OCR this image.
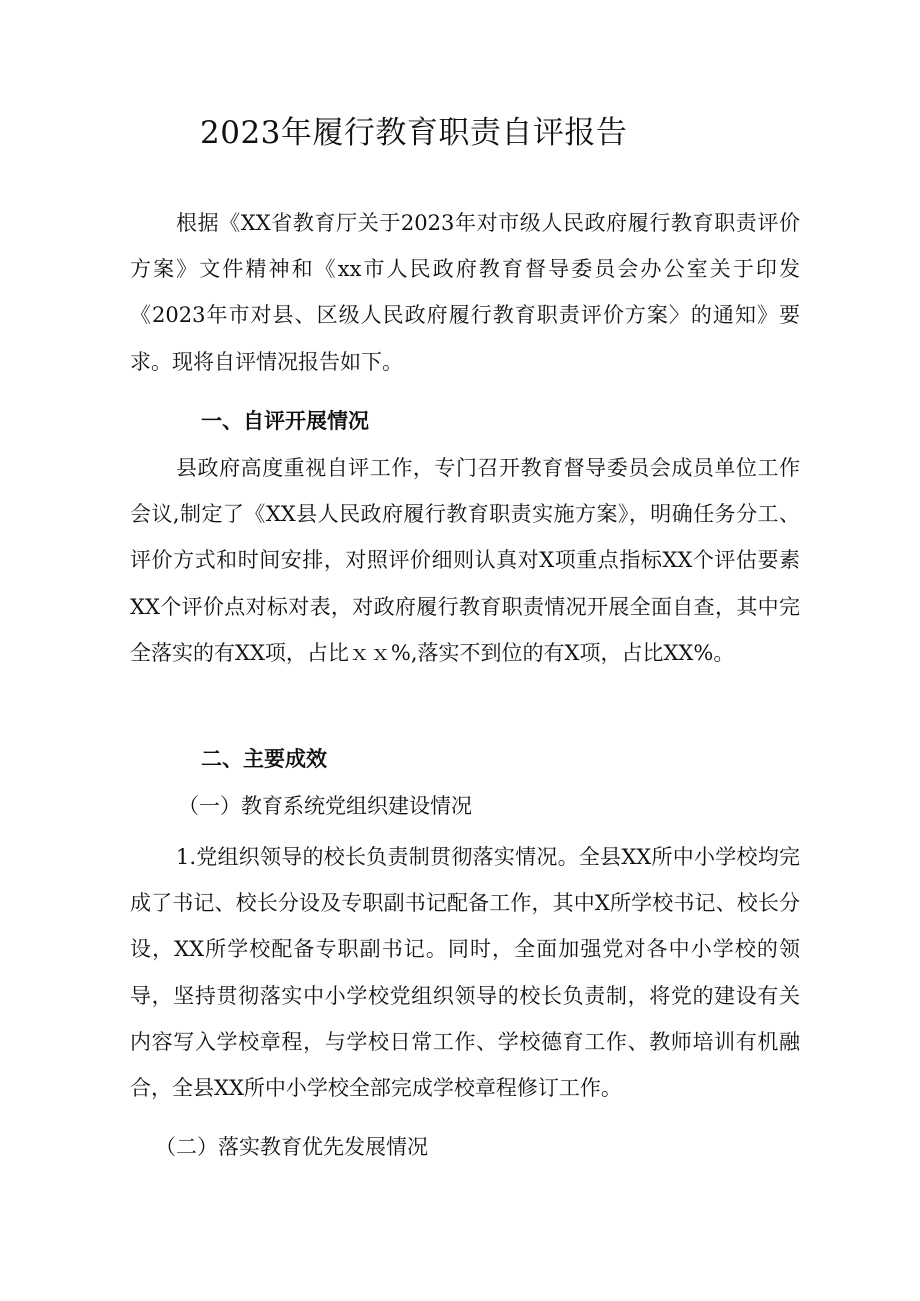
2023年履行教育职责自评报告

根据《XX省教育厅关于2023年对市级人民政府履行教育职责评价方案》文件精神和《xx市人民政府教育督导委员会办公室关于印发《2023年市对县、区级人民政府履行教育职责评价方案〉的通知》要求。现将自评情况报告如下。

一、自评开展情况

县政府高度重视自评工作，专门召开教育督导委员会成员单位工作会议,制定了《XX县人民政府履行教育职责实施方案》，明确任务分工、评价方式和时间安排，对照评价细则认真对X项重点指标XX个评估要素XX个评价点对标对表，对政府履行教育职责情况开展全面自查，其中完全落实的有XX项，占比ｘｘ%,落实不到位的有X项，占比XX%。

二、主要成效
（一）教育系统党组织建设情况

1.党组织领导的校长负责制贯彻落实情况。全县XX所中小学校均完成了书记、校长分设及专职副书记配备工作，其中X所学校书记、校长分设，XX所学校配备专职副书记。同时，全面加强党对各中小学校的领导，坚持贯彻落实中小学校党组织领导的校长负责制，将党的建设有关内容写入学校章程，与学校日常工作、学校德育工作、教师培训有机融合，全县XX所中小学校全部完成学校章程修订工作。

（二）落实教育优先发展情况
